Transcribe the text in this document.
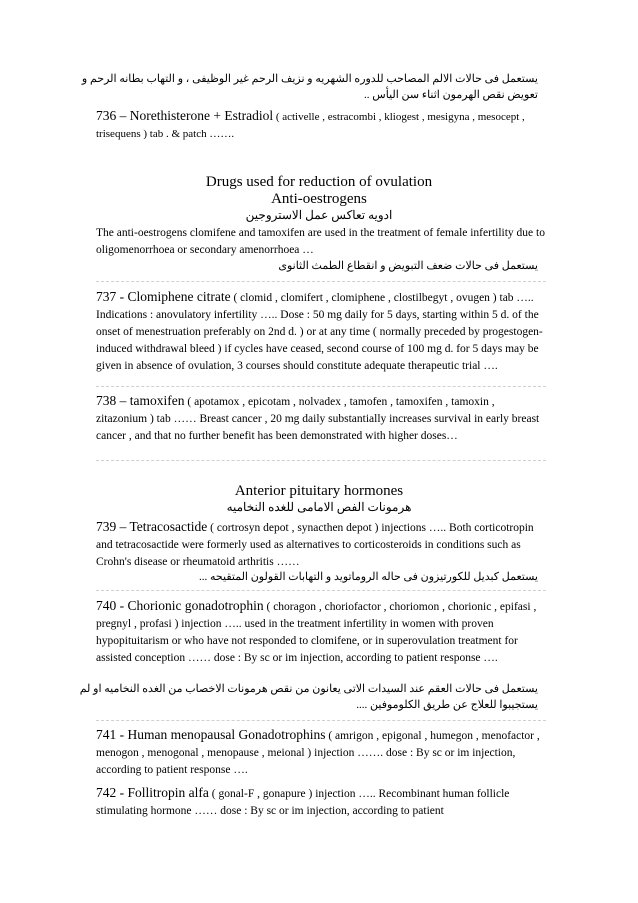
يستعمل فى حالات الالم المصاحب للدوره الشهريه و نزيف الرحم غير الوظيفى ، و التهاب بطانه الرحم و
تعويض نقص الهرمون اثناء سن اليأس ..
736 – Norethisterone + Estradiol ( activelle , estracombi , kliogest , mesigyna , mesocept , trisequens ) tab . & patch …….
Drugs used for reduction of ovulation
Anti-oestrogens
ادويه تعاكس عمل الاستروجين
The anti-oestrogens clomifene and tamoxifen are used in the treatment of female infertility due to oligomenorrhoea or secondary amenorrhoea …
يستعمل فى حالات ضعف التبويض و انقطاع الطمث الثانوى
737 - Clomiphene citrate ( clomid , clomifert , clomiphene , clostilbegyt , ovugen ) tab ….. Indications : anovulatory infertility ….. Dose : 50 mg daily for 5 days, starting within 5 d. of the onset of menestruation preferably on 2nd d. ) or at any time ( normally preceded by progestogen-induced withdrawal bleed ) if cycles have ceased, second course of 100 mg d. for 5 days may be given in absence of ovulation, 3 courses should constitute adequate therapeutic trial ….
738 – tamoxifen ( apotamox , epicotam , nolvadex , tamofen , tamoxifen , tamoxin , zitazonium ) tab …… Breast cancer , 20 mg daily substantially increases survival in early breast cancer , and that no further benefit has been demonstrated with higher doses…
Anterior pituitary hormones
هرمونات الفص الامامى للغده النخاميه
739 – Tetracosactide ( cortrosyn depot , synacthen depot ) injections ….. Both corticotropin and tetracosactide were formerly used as alternatives to corticosteroids in conditions such as Crohn's disease or rheumatoid arthritis ……
يستعمل كبديل للكورتيزون فى حاله الروماتويد و التهابات القولون المتقيحه ...
740 - Chorionic gonadotrophin ( choragon , choriofactor , choriomon , chorionic , epifasi , pregnyl , profasi ) injection ….. used in the treatment infertility in women with proven hypopituitarism or who have not responded to clomifene, or in superovulation treatment for assisted conception …… dose : By sc or im injection, according to patient response ….
يستعمل فى حالات العقم عند السيدات الاتى يعانون من نقص هرمونات الاخصاب من الغده النخاميه او لم
يستجيبوا للعلاج عن طريق الكلوموفين ....
741 - Human menopausal Gonadotrophins ( amrigon , epigonal , humegon , menofactor , menogon , menogonal , menopause , meional ) injection ……. dose : By sc or im injection, according to patient response ….
742 - Follitropin alfa ( gonal-F , gonapure ) injection ….. Recombinant human follicle stimulating hormone …… dose : By sc or im injection, according to patient
